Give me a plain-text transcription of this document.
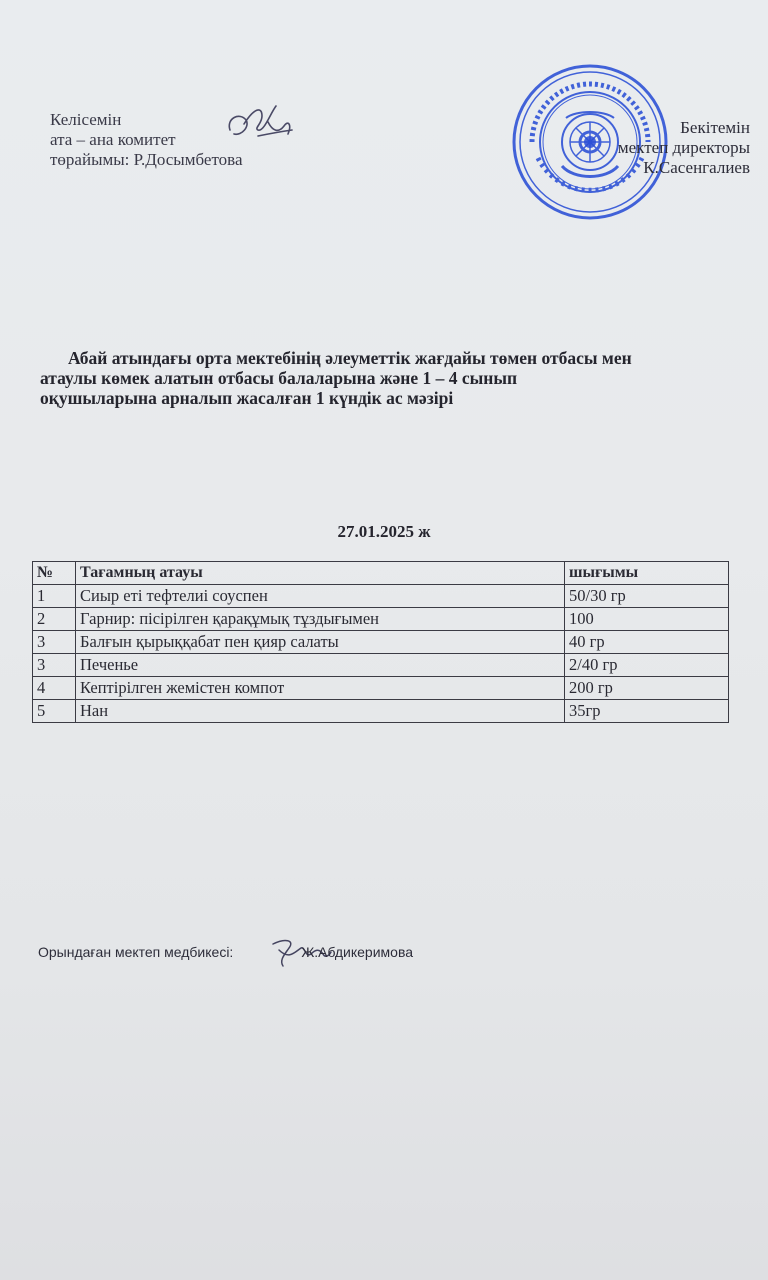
Келісемін
ата – ана комитет
төрайымы: Р.Досымбетова
Бекітемін
мектеп директоры
К.Сасенгалиев
Абай атындағы орта мектебінің әлеуметтік жағдайы төмен отбасы мен
атаулы көмек алатын отбасы балаларына және 1 – 4 сынып
оқушыларына арналып жасалған 1 күндік ас мәзірі
27.01.2025 ж
№	Тағамның атауы	шығымы
1	Сиыр еті тефтелиі соуспен	50/30 гр
2	Гарнир: пісірілген қарақұмық тұздығымен	100
3	Балғын қырыққабат пен қияр салаты	40 гр
3	Печенье	2/40 гр
4	Кептірілген жемістен компот	200 гр
5	Нан	35гр
Орындаған мектеп медбикесі:	Ж.Абдикеримова
